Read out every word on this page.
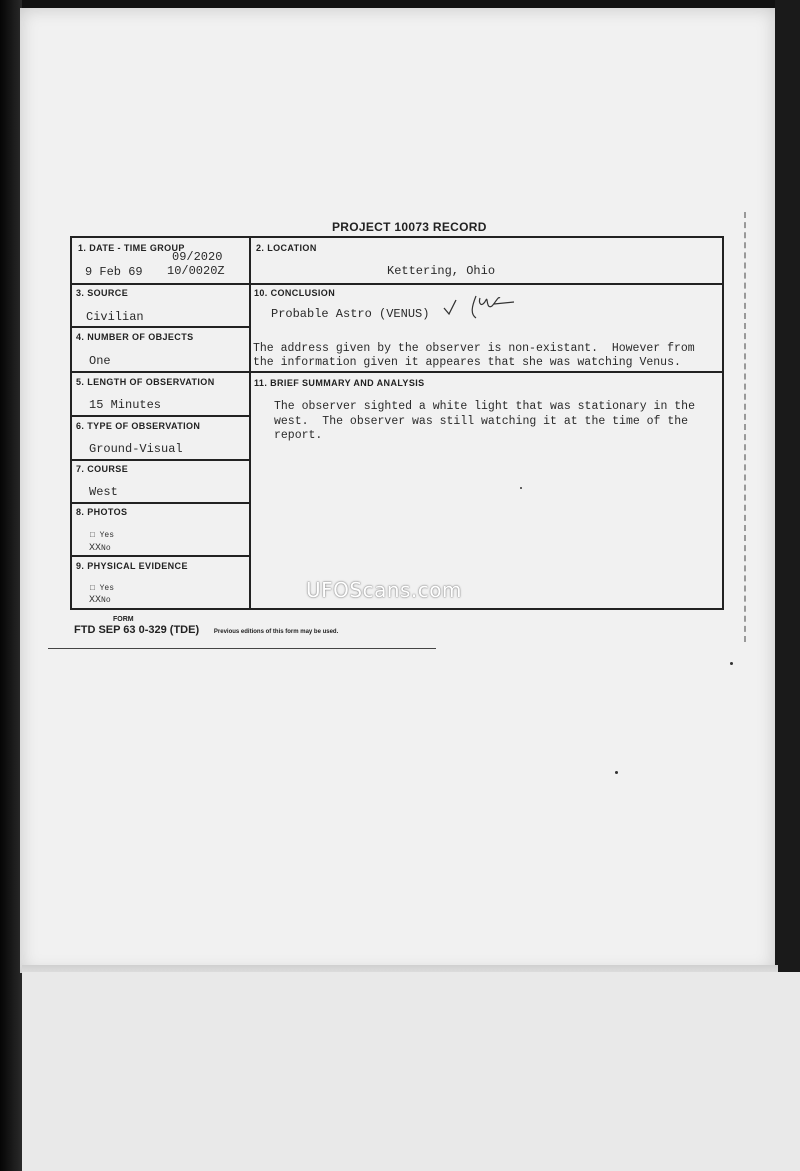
PROJECT 10073 RECORD
1. DATE - TIME GROUP
09/2020
9 Feb 69 10/0020Z
2. LOCATION
Kettering, Ohio
3. SOURCE
Civilian
4. NUMBER OF OBJECTS
One
5. LENGTH OF OBSERVATION
15 Minutes
6. TYPE OF OBSERVATION
Ground-Visual
7. COURSE
West
8. PHOTOS
□ Yes
XXNo
9. PHYSICAL EVIDENCE
□ Yes
XXNo
10. CONCLUSION
Probable Astro (VENUS)
The address given by the observer is non-existant.  However from
the information given it appeares that she was watching Venus.
11. BRIEF SUMMARY AND ANALYSIS
The observer sighted a white light that was stationary in the
west.  The observer was still watching it at the time of the
report.
UFOScans.com
FORM
FTD SEP 63 0-329 (TDE) Previous editions of this form may be used.
